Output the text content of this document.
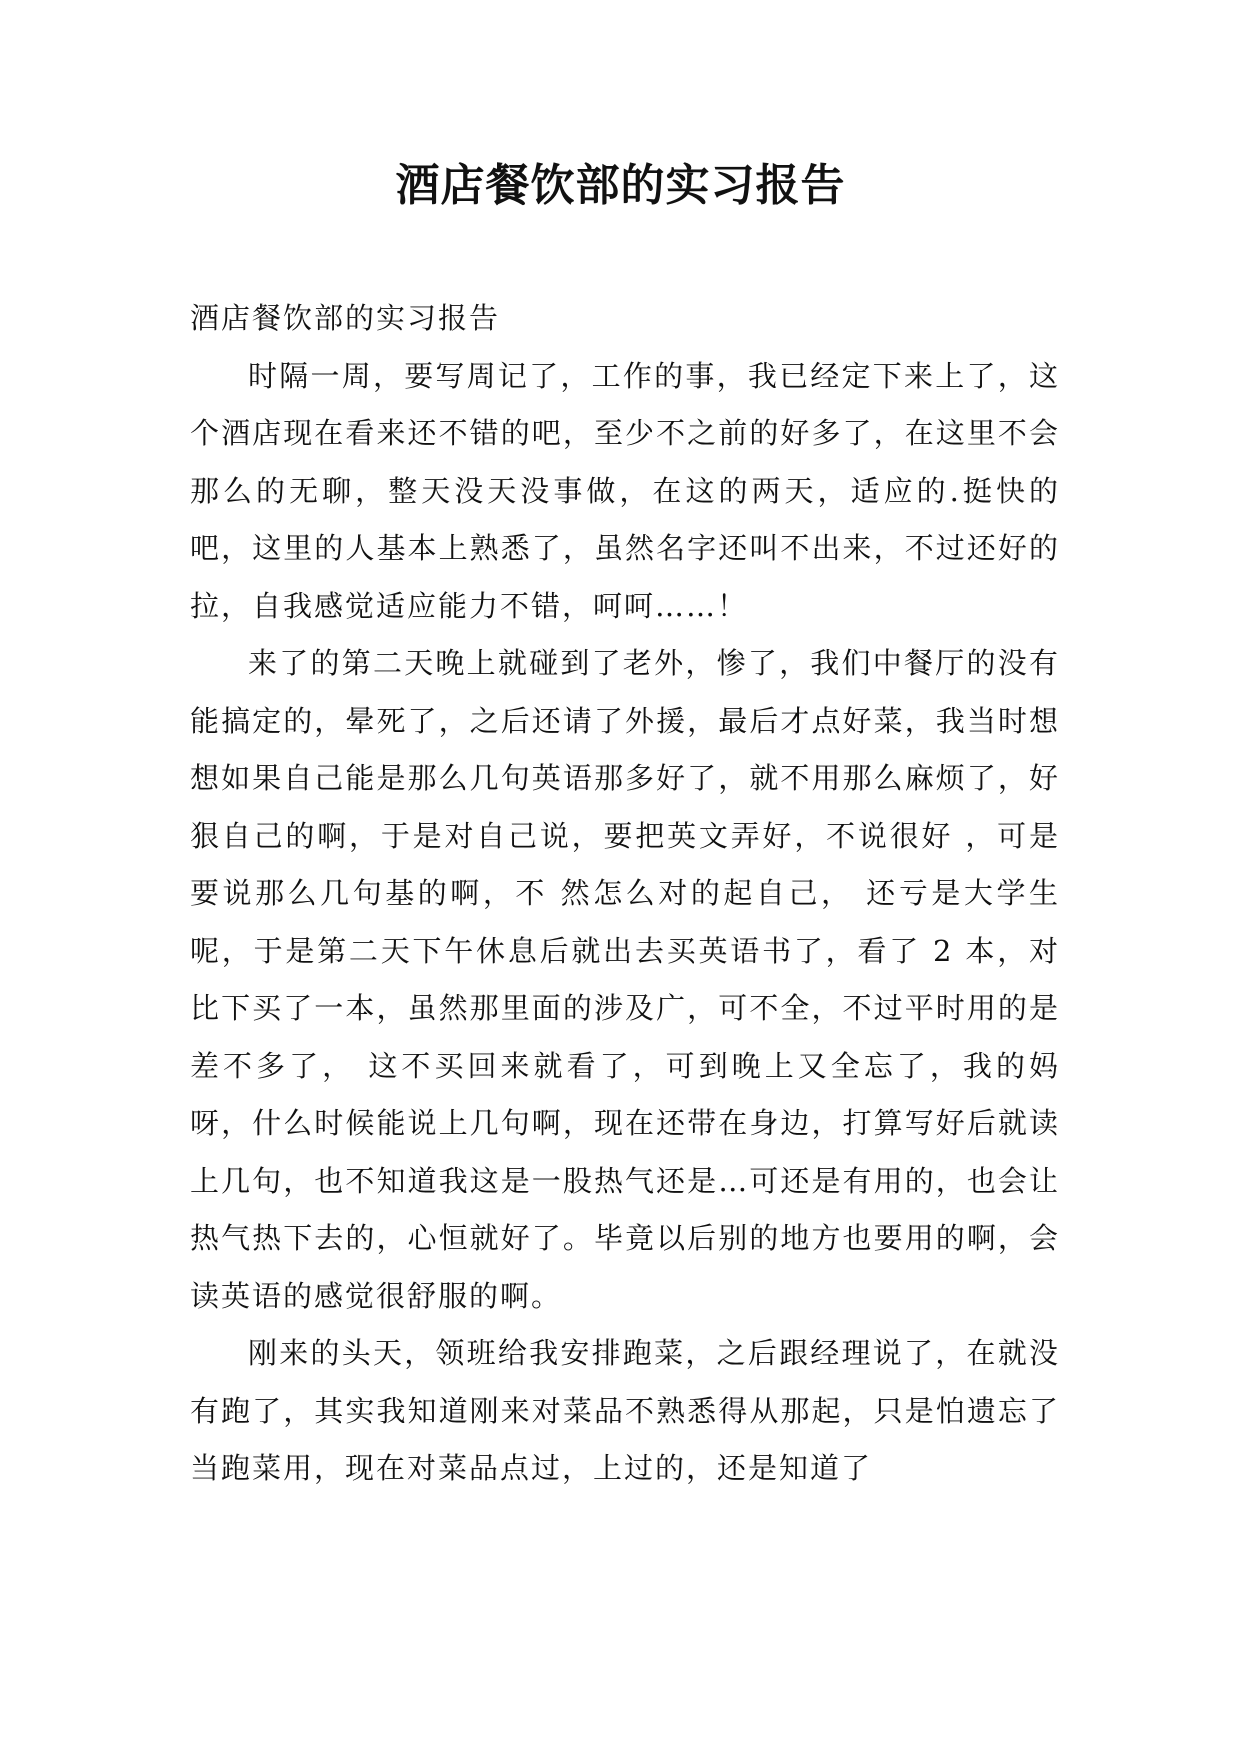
酒店餐饮部的实习报告

酒店餐饮部的实习报告

时隔一周，要写周记了，工作的事，我已经定下来上了，这个酒店现在看来还不错的吧，至少不之前的好多了，在这里不会那么的无聊，整天没天没事做，在这的两天，适应的.挺快的吧，这里的人基本上熟悉了，虽然名字还叫不出来，不过还好的拉，自我感觉适应能力不错，呵呵……！

来了的第二天晚上就碰到了老外，惨了，我们中餐厅的没有能搞定的，晕死了，之后还请了外援，最后才点好菜，我当时想想如果自己能是那么几句英语那多好了，就不用那么麻烦了，好狠自己的啊，于是对自己说，要把英文弄好，不说很好 ，可是要说那么几句基的啊，不 然怎么对的起自己， 还亏是大学生呢，于是第二天下午休息后就出去买英语书了，看了 2 本，对比下买了一本，虽然那里面的涉及广，可不全，不过平时用的是差不多了， 这不买回来就看了，可到晚上又全忘了，我的妈呀，什么时候能说上几句啊，现在还带在身边，打算写好后就读上几句，也不知道我这是一股热气还是…可还是有用的，也会让热气热下去的，心恒就好了。毕竟以后别的地方也要用的啊，会读英语的感觉很舒服的啊。

刚来的头天，领班给我安排跑菜，之后跟经理说了，在就没有跑了，其实我知道刚来对菜品不熟悉得从那起，只是怕遗忘了当跑菜用，现在对菜品点过，上过的，还是知道了
